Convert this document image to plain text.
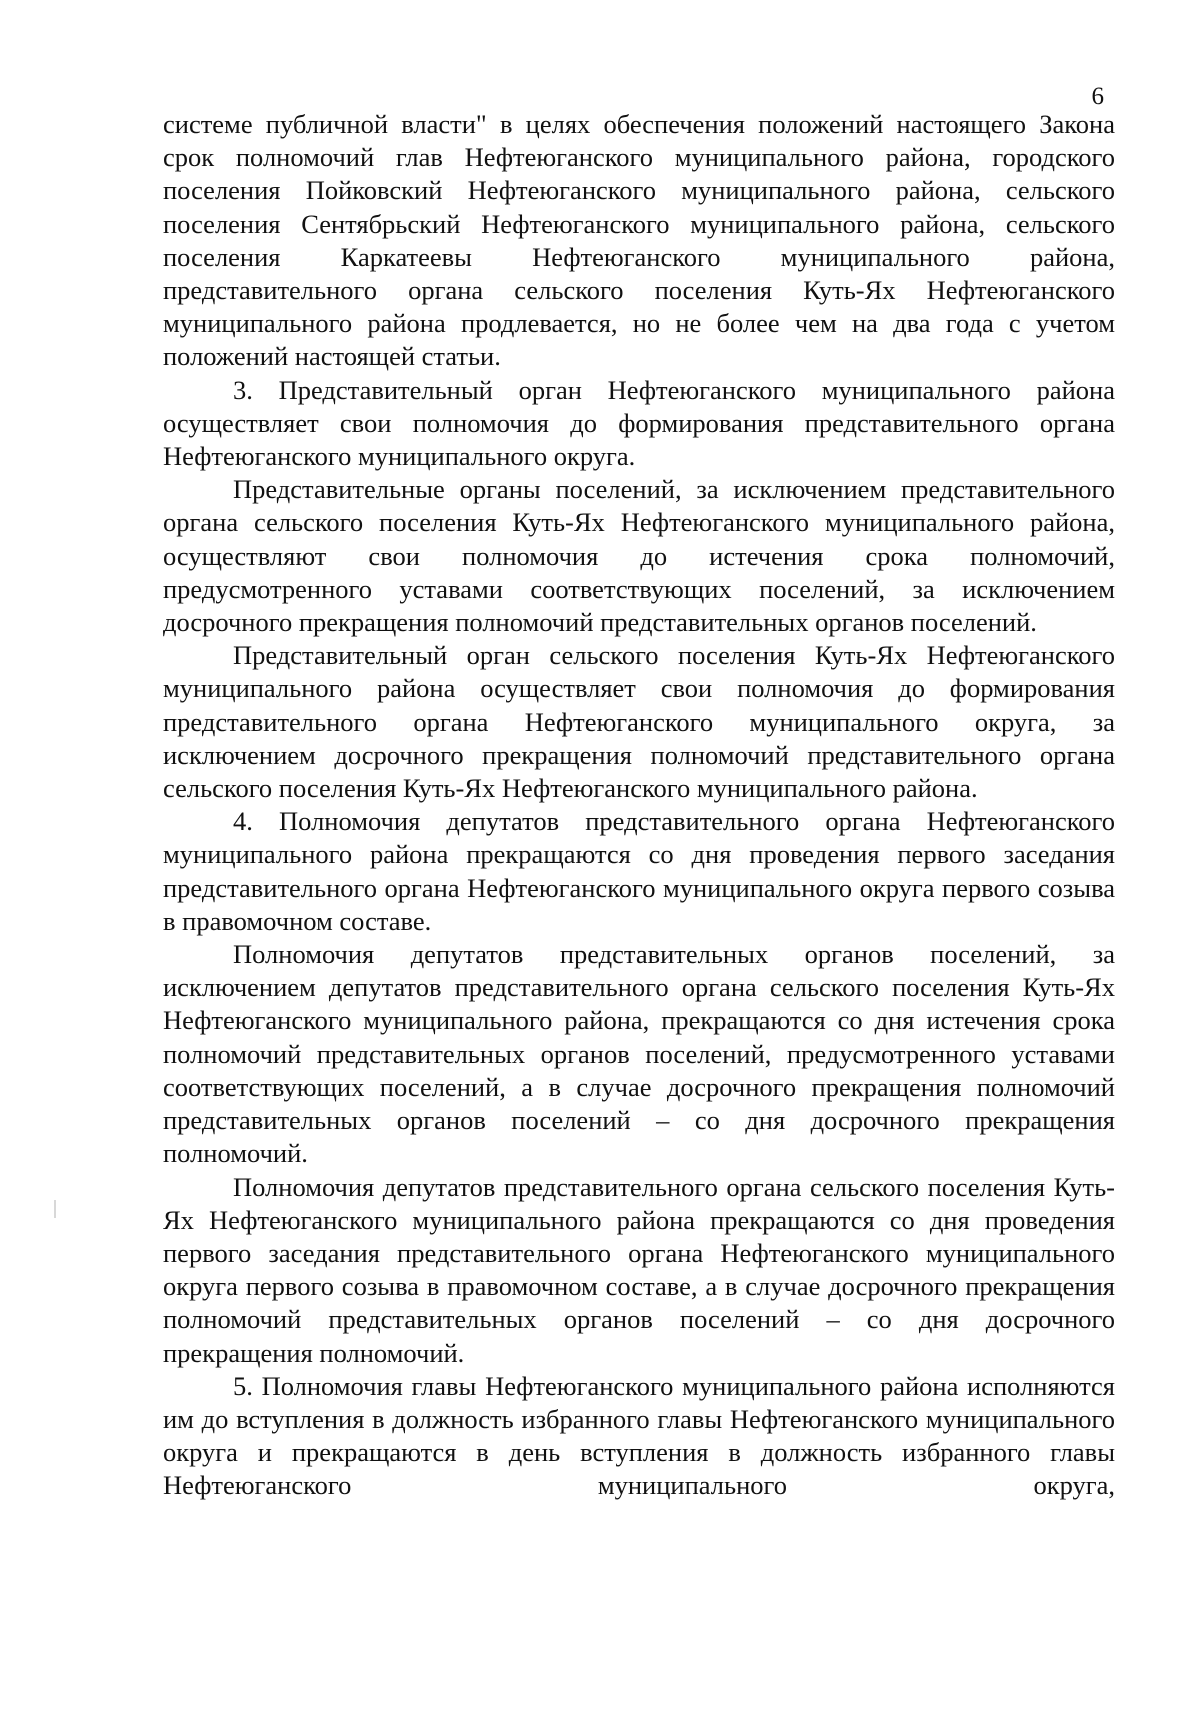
6

системе публичной власти" в целях обеспечения положений настоящего Закона срок полномочий глав Нефтеюганского муниципального района, городского поселения Пойковский Нефтеюганского муниципального района, сельского поселения Сентябрьский Нефтеюганского муниципального района, сельского поселения Каркатеевы Нефтеюганского муниципального района, представительного органа сельского поселения Куть-Ях Нефтеюганского муниципального района продлевается, но не более чем на два года с учетом положений настоящей статьи.

3. Представительный орган Нефтеюганского муниципального района осуществляет свои полномочия до формирования представительного органа Нефтеюганского муниципального округа.

Представительные органы поселений, за исключением представительного органа сельского поселения Куть-Ях Нефтеюганского муниципального района, осуществляют свои полномочия до истечения срока полномочий, предусмотренного уставами соответствующих поселений, за исключением досрочного прекращения полномочий представительных органов поселений.

Представительный орган сельского поселения Куть-Ях Нефтеюганского муниципального района осуществляет свои полномочия до формирования представительного органа Нефтеюганского муниципального округа, за исключением досрочного прекращения полномочий представительного органа сельского поселения Куть-Ях Нефтеюганского муниципального района.

4. Полномочия депутатов представительного органа Нефтеюганского муниципального района прекращаются со дня проведения первого заседания представительного органа Нефтеюганского муниципального округа первого созыва в правомочном составе.

Полномочия депутатов представительных органов поселений, за исключением депутатов представительного органа сельского поселения Куть-Ях Нефтеюганского муниципального района, прекращаются со дня истечения срока полномочий представительных органов поселений, предусмотренного уставами соответствующих поселений, а в случае досрочного прекращения полномочий представительных органов поселений – со дня досрочного прекращения полномочий.

Полномочия депутатов представительного органа сельского поселения Куть-Ях Нефтеюганского муниципального района прекращаются со дня проведения первого заседания представительного органа Нефтеюганского муниципального округа первого созыва в правомочном составе, а в случае досрочного прекращения полномочий представительных органов поселений – со дня досрочного прекращения полномочий.

5. Полномочия главы Нефтеюганского муниципального района исполняются им до вступления в должность избранного главы Нефтеюганского муниципального округа и прекращаются в день вступления в должность избранного главы Нефтеюганского муниципального округа,
